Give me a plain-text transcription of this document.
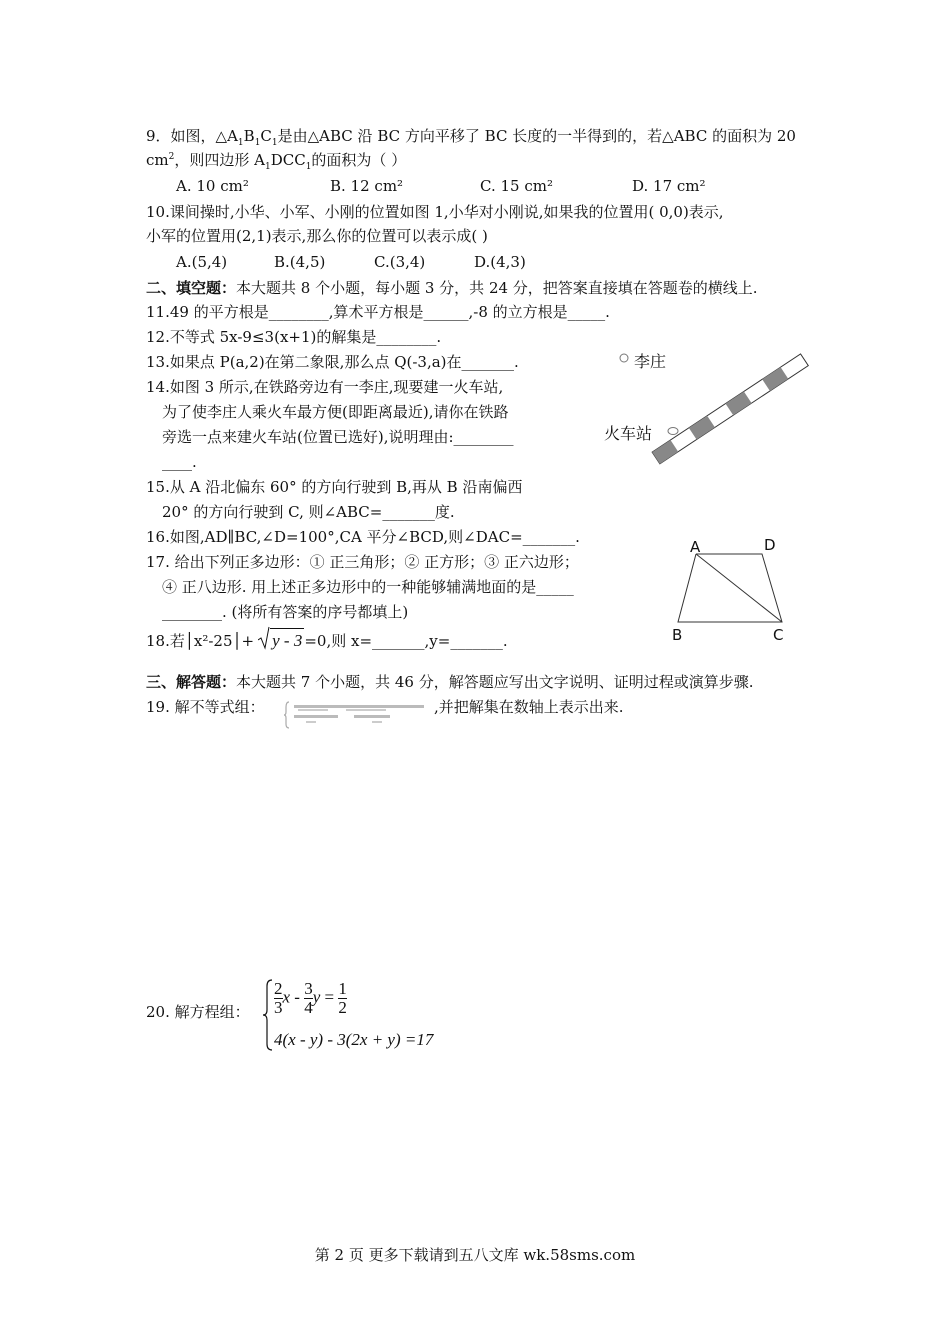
9．如图，$\triangle A_1B_1C_1$是由△ABC 沿 BC 方向平移了 BC 长度的一半得到的，若△ABC 的面积为 20
$cm^2$，则四边形 $A_1DCC_1$的面积为（ ）
A. 10 cm²	B. 12 cm²	C. 15 cm²	D. 17 cm²
10.课间操时,小华、小军、小刚的位置如图 1,小华对小刚说,如果我的位置用( 0,0)表示,
小军的位置用(2,1)表示,那么你的位置可以表示成( )
A.(5,4)	B.(4,5)	C.(3,4)	D.(4,3)
二、填空题：本大题共 8 个小题，每小题 3 分，共 24 分，把答案直接填在答题卷的横线上.
11.49 的平方根是________,算术平方根是______,-8 的立方根是_____.
12.不等式 5x-9≤3(x+1)的解集是________.
13.如果点 P(a,2)在第二象限,那么点 Q(-3,a)在_______.
14.如图 3 所示,在铁路旁边有一李庄,现要建一火车站,
为了使李庄人乘火车最方便(即距离最近),请你在铁路
旁选一点来建火车站(位置已选好),说明理由:________
____.
李庄
火车站
15.从 A 沿北偏东 60° 的方向行驶到 B,再从 B 沿南偏西
20° 的方向行驶到 C, 则∠ABC=_______度.
16.如图,AD∥BC,∠D=100°,CA 平分∠BCD,则∠DAC=_______.
17. 给出下列正多边形：① 正三角形；② 正方形；③ 正六边形；
④ 正八边形. 用上述正多边形中的一种能够辅满地面的是_____
________. (将所有答案的序号都填上)
18.若│x²-25│+ y - 3 =0,则 x=_______,y=_______.
A	D
B	C
三、解答题：本大题共 7 个小题，共 46 分，解答题应写出文字说明、证明过程或演算步骤.
19. 解不等式组：	,并把解集在数轴上表示出来.
20. 解方程组： $\frac{2}{3}$ x - $\frac{3}{4}$ $y = \frac{1}{2}$
4(x - y) - 3(2x + y) =17
第 2 页 更多下载请到五八文库 wk.58sms.com
